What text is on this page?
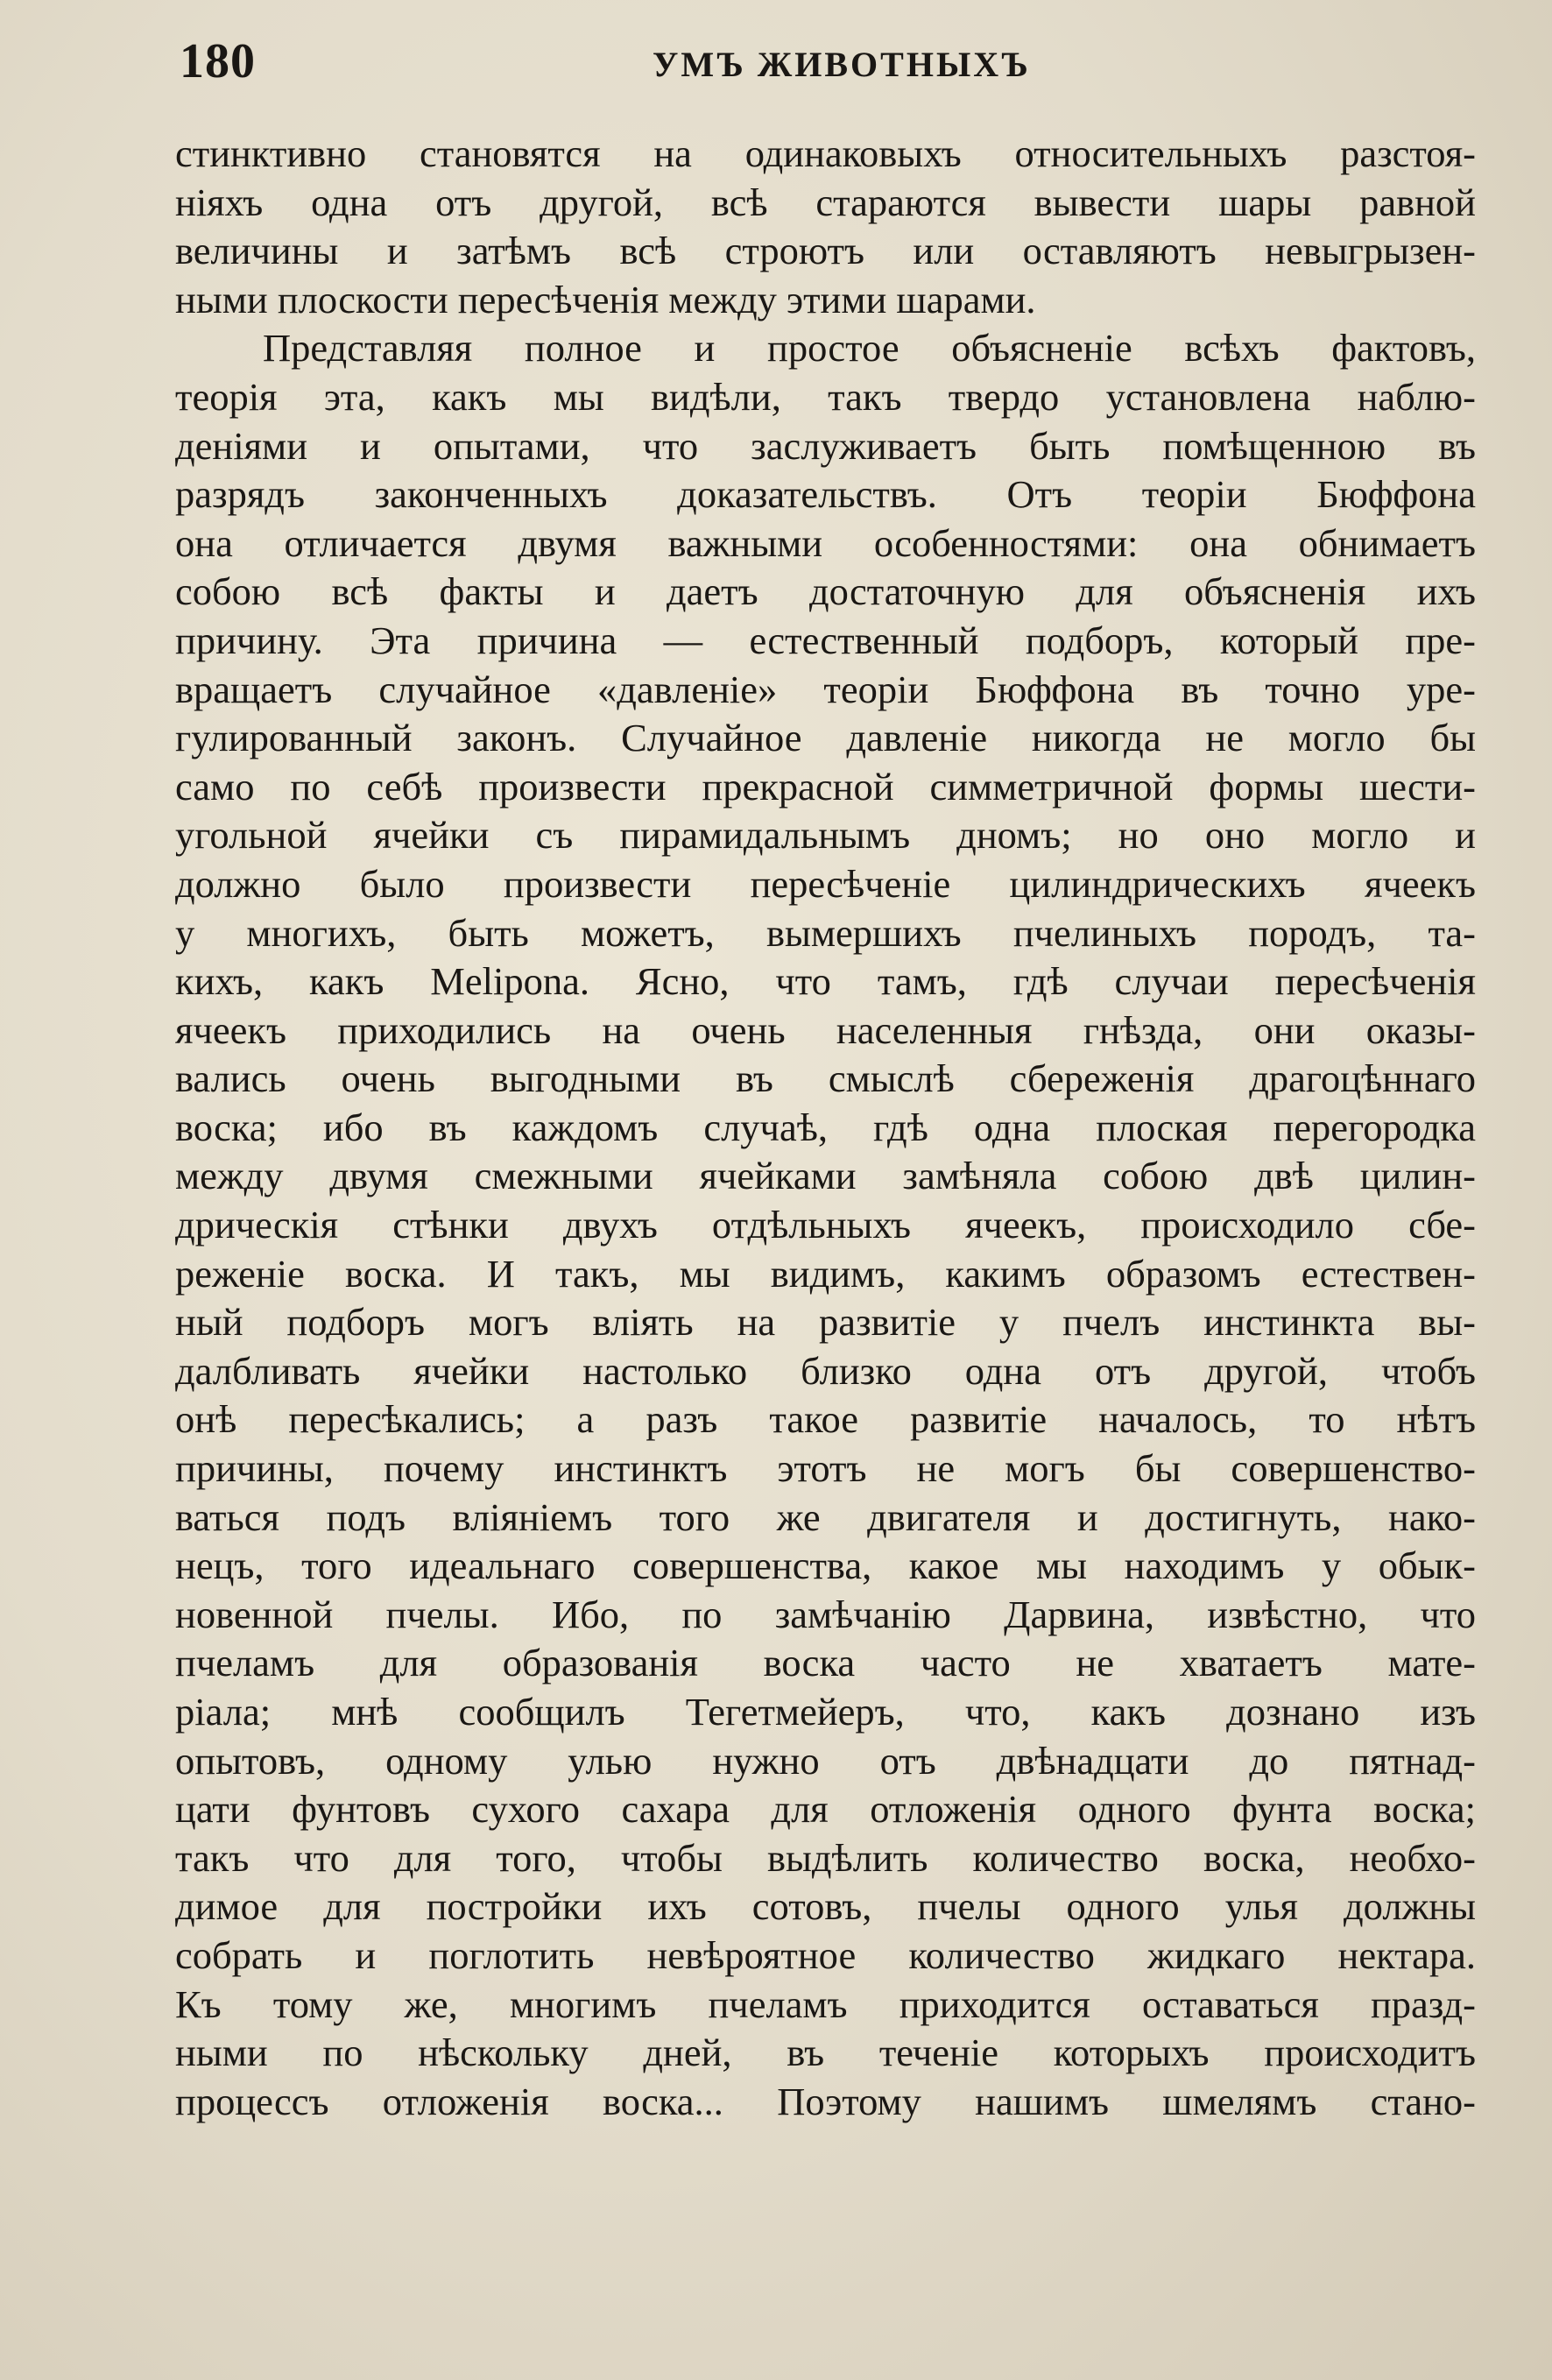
180	УМЪ ЖИВОТНЫХЪ
стинктивно становятся на одинаковыхъ относительныхъ разстоя-
ніяхъ одна отъ другой, всѣ стараются вывести шары равной
величины и затѣмъ всѣ строютъ или оставляютъ невыгрызен-
ными плоскости пересѣченія между этими шарами.
Представляя полное и простое объясненіе всѣхъ фактовъ,
теорія эта, какъ мы видѣли, такъ твердо установлена наблю-
деніями и опытами, что заслуживаетъ быть помѣщенною въ
разрядъ законченныхъ доказательствъ. Отъ теоріи Бюффона
она отличается двумя важными особенностями: она обнимаетъ
собою всѣ факты и даетъ достаточную для объясненія ихъ
причину. Эта причина — естественный подборъ, который пре-
вращаетъ случайное «давленіе» теоріи Бюффона въ точно уре-
гулированный законъ. Случайное давленіе никогда не могло бы
само по себѣ произвести прекрасной симметричной формы шести-
угольной ячейки съ пирамидальнымъ дномъ; но оно могло и
должно было произвести пересѣченіе цилиндрическихъ ячеекъ
у многихъ, быть можетъ, вымершихъ пчелиныхъ породъ, та-
кихъ, какъ Melipona. Ясно, что тамъ, гдѣ случаи пересѣченія
ячеекъ приходились на очень населенныя гнѣзда, они оказы-
вались очень выгодными въ смыслѣ сбереженія драгоцѣннаго
воска; ибо въ каждомъ случаѣ, гдѣ одна плоская перегородка
между двумя смежными ячейками замѣняла собою двѣ цилин-
дрическія стѣнки двухъ отдѣльныхъ ячеекъ, происходило сбе-
реженіе воска. И такъ, мы видимъ, какимъ образомъ естествен-
ный подборъ могъ вліять на развитіе у пчелъ инстинкта вы-
далбливать ячейки настолько близко одна отъ другой, чтобъ
онѣ пересѣкались; а разъ такое развитіе началось, то нѣтъ
причины, почему инстинктъ этотъ не могъ бы совершенство-
ваться подъ вліяніемъ того же двигателя и достигнуть, нако-
нецъ, того идеальнаго совершенства, какое мы находимъ у обык-
новенной пчелы. Ибо, по замѣчанію Дарвина, извѣстно, что
пчеламъ для образованія воска часто не хватаетъ мате-
ріала; мнѣ сообщилъ Тегетмейеръ, что, какъ дознано изъ
опытовъ, одному улью нужно отъ двѣнадцати до пятнад-
цати фунтовъ сухого сахара для отложенія одного фунта воска;
такъ что для того, чтобы выдѣлить количество воска, необхо-
димое для постройки ихъ сотовъ, пчелы одного улья должны
собрать и поглотить невѣроятное количество жидкаго нектара.
Къ тому же, многимъ пчеламъ приходится оставаться празд-
ными по нѣскольку дней, въ теченіе которыхъ происходитъ
процессъ отложенія воска... Поэтому нашимъ шмелямъ стано-
